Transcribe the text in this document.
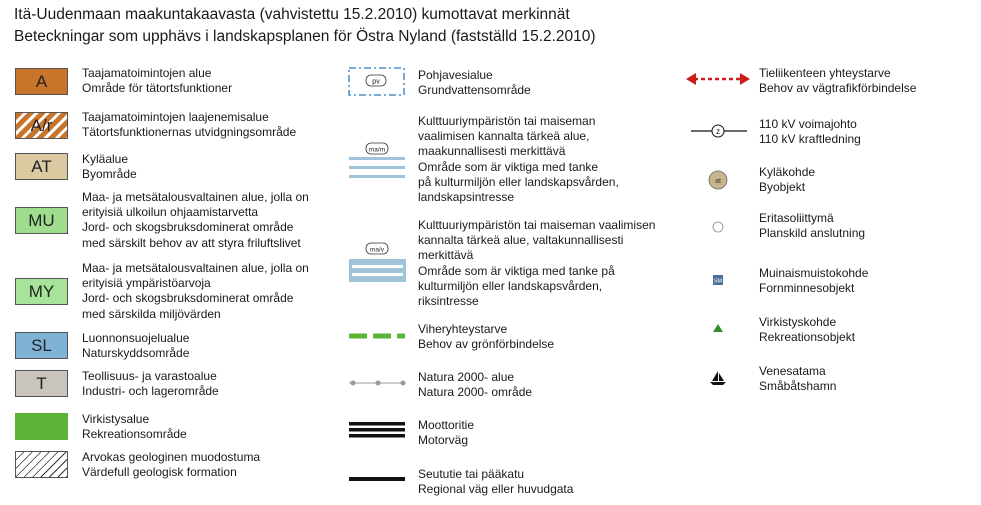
Itä-Uudenmaan maakuntakaavasta (vahvistettu 15.2.2010) kumottavat merkinnät
Beteckningar som upphävs i landskapsplanen för Östra Nyland (fastställd 15.2.2010)
A	Taajamatoimintojen alue
Område för tätortsfunktioner
A/r	Taajamatoimintojen laajenemisalue
Tätortsfunktionernas utvidgningsområde
AT	Kyläalue
Byområde
MU
Maa- ja metsätalousvaltainen alue, jolla on
erityisiä ulkoilun ohjaamistarvetta
Jord- och skogsbruksdominerat område
med särskilt behov av att styra friluftslivet
MY
Maa- ja metsätalousvaltainen alue, jolla on
erityisiä ympäristöarvoja
Jord- och skogsbruksdominerat område
med särskilda miljövärden
SL	Luonnonsuojelualue
Naturskyddsområde
T	Teollisuus- ja varastoalue
Industri- och lagerområde
Virkistysalue
Rekreationsområde
Arvokas geologinen muodostuma
Värdefull geologisk formation
pv	Pohjavesialue
Grundvattensområde
ma/m
Kulttuuriympäristön tai maiseman
vaalimisen kannalta tärkeä alue,
maakunnallisesti merkittävä
Område som är viktiga med tanke
på kulturmiljön eller landskapsvården,
landskapsintresse
ma/v
Kulttuuriympäristön tai maiseman vaalimisen
kannalta tärkeä alue, valtakunnallisesti
merkittävä
Område som är viktiga med tanke på
kulturmiljön eller landskapsvården,
riksintresse
Viheryhteystarve
Behov av grönförbindelse
Natura 2000- alue
Natura 2000- område
Moottoritie
Motorväg
Seututie tai pääkatu
Regional väg eller huvudgata
Tieliikenteen yhteystarve
Behov av vägtrafikförbindelse
z
110 kV voimajohto
110 kV kraftledning
at
Kyläkohde
Byobjekt
Eritasoliittymä
Planskild anslutning
SM
Muinaismuistokohde
Fornminnesobjekt
Virkistyskohde
Rekreationsobjekt
Venesatama
Småbåtshamn
